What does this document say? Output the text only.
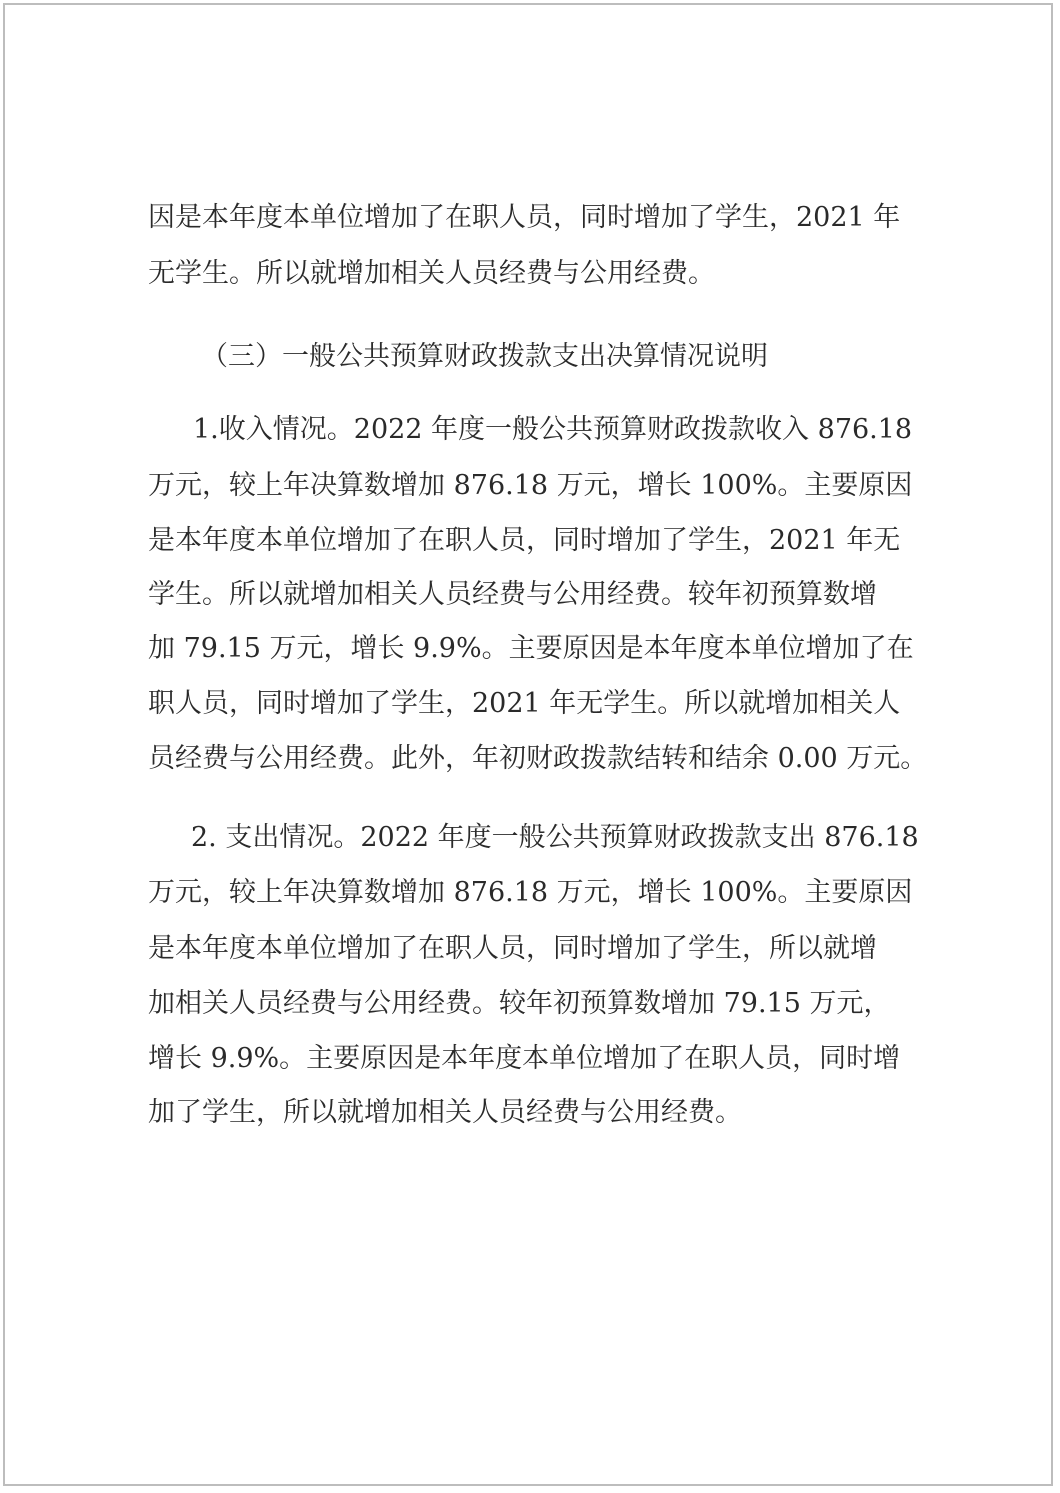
因是本年度本单位增加了在职人员，同时增加了学生，2021 年
无学生。所以就增加相关人员经费与公用经费。
（三）一般公共预算财政拨款支出决算情况说明
1.收入情况。2022 年度一般公共预算财政拨款收入 876.18
万元，较上年决算数增加 876.18 万元，增长 100%。主要原因
是本年度本单位增加了在职人员，同时增加了学生，2021 年无
学生。所以就增加相关人员经费与公用经费。较年初预算数增
加 79.15 万元，增长 9.9%。主要原因是本年度本单位增加了在
职人员，同时增加了学生，2021 年无学生。所以就增加相关人
员经费与公用经费。此外，年初财政拨款结转和结余 0.00 万元。
2. 支出情况。2022 年度一般公共预算财政拨款支出 876.18
万元，较上年决算数增加 876.18 万元，增长 100%。主要原因
是本年度本单位增加了在职人员，同时增加了学生，所以就增
加相关人员经费与公用经费。较年初预算数增加 79.15 万元，
增长 9.9%。主要原因是本年度本单位增加了在职人员，同时增
加了学生，所以就增加相关人员经费与公用经费。
